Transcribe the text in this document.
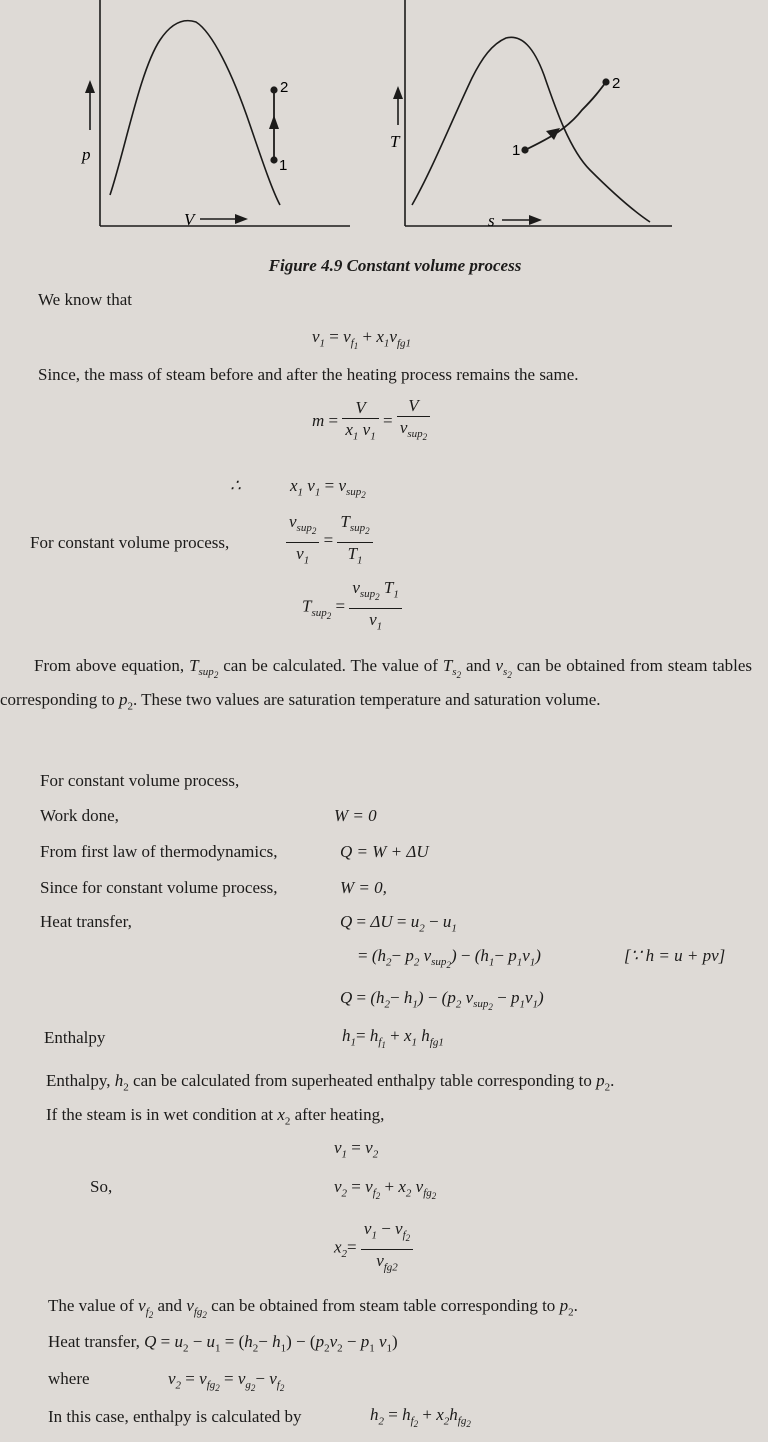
2
1
p
V
1
2
T
s
Figure 4.9 Constant volume process
We know that
$v_1 = v_{f_1} + x_1v_{fg1}$
Since, the mass of steam before and after the heating process remains the same.
$m = \frac{V}{x_1 v_1} = \frac{V}{v_{sup_2}}$
∴	$x_1$ $v_1 = v_{sup_2}$
For constant volume process,	$\frac{v_{sup_2}}{v_1} = \frac{T_{sup_2}}{T_1}$
$T_{sup_2} = \frac{v_{sup_2} T_1}{v_1}$
From above equation, $T_{sup_2}$ can be calculated. The value of $T_{s_2}$ and $v_{s_2}$ can be obtained from steam tables corresponding to $p_2$. These two values are saturation temperature and saturation volume.
For constant volume process,
Work done,	W = 0
From first law of thermodynamics,	Q = W + ΔU
Since for constant volume process,	W = 0,
Heat transfer,	$Q = \Delta U = u_2 - u_1$
= ($h_2- p_2$ $v_{sup_2}) - (h_1- p_1v_1)$	[∵ h = u + pv]
$Q = (h_2- h_1) - (p_2$ $v_{sup_2} - p_1v_1$)
Enthalpy	$h_1= h_{f_1} + x_1$ $h_{fg1}$
Enthalpy, $h_2$ can be calculated from superheated enthalpy table corresponding to $p_2$.
If the steam is in wet condition at $x_2$ after heating,
$v_1 = v_2$
So,	$v_2 = v_{f_2} + x_2$ $v_{fg_2}$
$x_2= \frac{v_1 - v_{f_2}}{v_{fg2}}$
The value of $v_{f_2}$ and $v_{fg_2}$ can be obtained from steam table corresponding to $p_2$.
Heat transfer, $Q = u_2 - u_1 = (h_2- h_1) - (p_2v_2 - p_1$ $v_1$)
where	$v_2 = v_{fg_2} = v_{g_2}- v_{f_2}$
In this case, enthalpy is calculated by	$h_2 = h_{f_2} + x_2h_{fg_2}$
